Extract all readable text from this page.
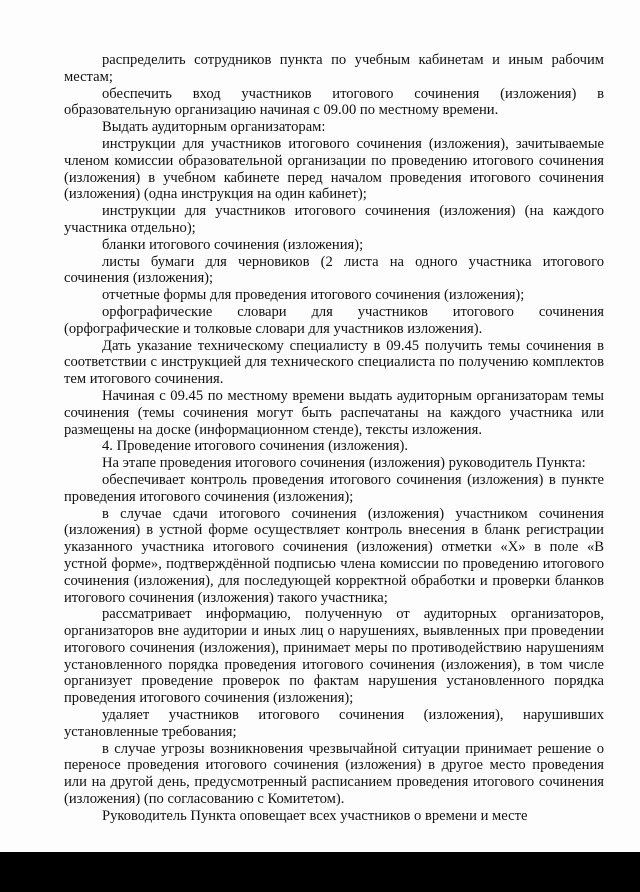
распределить сотрудников пункта по учебным кабинетам и иным рабочим местам;

обеспечить вход участников итогового сочинения (изложения) в образовательную организацию начиная с 09.00 по местному времени.

Выдать аудиторным организаторам:

инструкции для участников итогового сочинения (изложения), зачитываемые членом комиссии образовательной организации по проведению итогового сочинения (изложения) в учебном кабинете перед началом проведения итогового сочинения (изложения) (одна инструкция на один кабинет);

инструкции для участников итогового сочинения (изложения) (на каждого участника отдельно);

бланки итогового сочинения (изложения);

листы бумаги для черновиков (2 листа на одного участника итогового сочинения (изложения);

отчетные формы для проведения итогового сочинения (изложения);

орфографические словари для участников итогового сочинения (орфографические и толковые словари для участников изложения).

Дать указание техническому специалисту в 09.45 получить темы сочинения в соответствии с инструкцией для технического специалиста по получению комплектов тем итогового сочинения.

Начиная с 09.45 по местному времени выдать аудиторным организаторам темы сочинения (темы сочинения могут быть распечатаны на каждого участника или размещены на доске (информационном стенде), тексты изложения.

4. Проведение итогового сочинения (изложения).

На этапе проведения итогового сочинения (изложения) руководитель Пункта:

обеспечивает контроль проведения итогового сочинения (изложения) в пункте проведения итогового сочинения (изложения);

в случае сдачи итогового сочинения (изложения) участником сочинения (изложения) в устной форме осуществляет контроль внесения в бланк регистрации указанного участника итогового сочинения (изложения) отметки «X» в поле «В устной форме», подтверждённой подписью члена комиссии по проведению итогового сочинения (изложения), для последующей корректной обработки и проверки бланков итогового сочинения (изложения) такого участника;

рассматривает информацию, полученную от аудиторных организаторов, организаторов вне аудитории и иных лиц о нарушениях, выявленных при проведении итогового сочинения (изложения), принимает меры по противодействию нарушениям установленного порядка проведения итогового сочинения (изложения), в том числе организует проведение проверок по фактам нарушения установленного порядка проведения итогового сочинения (изложения);

удаляет участников итогового сочинения (изложения), нарушивших установленные требования;

в случае угрозы возникновения чрезвычайной ситуации принимает решение о переносе проведения итогового сочинения (изложения) в другое место проведения или на другой день, предусмотренный расписанием проведения итогового сочинения (изложения) (по согласованию с Комитетом).

Руководитель Пункта оповещает всех участников о времени и месте
